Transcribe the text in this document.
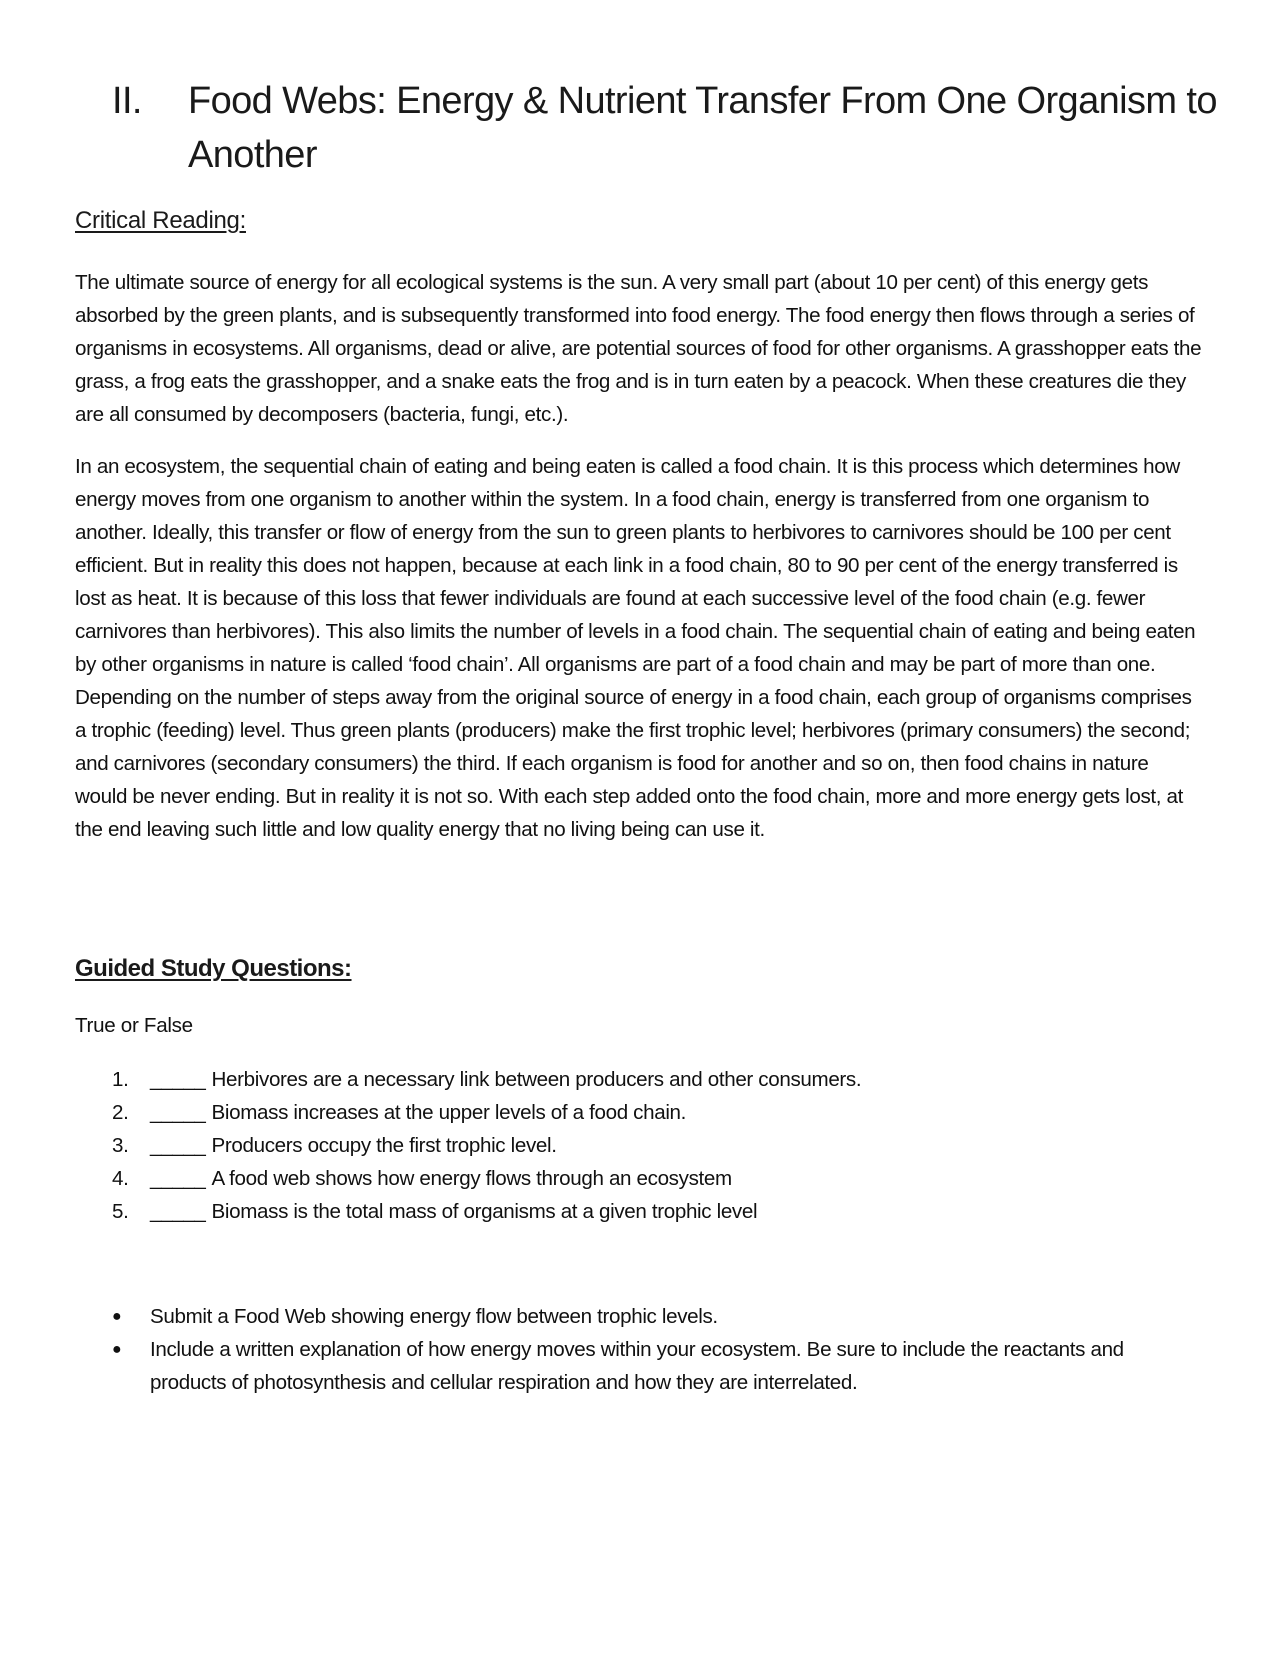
II.	Food Webs: Energy & Nutrient Transfer From One Organism to Another
Critical Reading:

The ultimate source of energy for all ecological systems is the sun. A very small part (about 10 per cent) of this energy gets absorbed by the green plants, and is subsequently transformed into food energy. The food energy then flows through a series of organisms in ecosystems. All organisms, dead or alive, are potential sources of food for other organisms. A grasshopper eats the grass, a frog eats the grasshopper, and a snake eats the frog and is in turn eaten by a peacock. When these creatures die they are all consumed by decomposers (bacteria, fungi, etc.).

In an ecosystem, the sequential chain of eating and being eaten is called a food chain. It is this process which determines how energy moves from one organism to another within the system. In a food chain, energy is transferred from one organism to another. Ideally, this transfer or flow of energy from the sun to green plants to herbivores to carnivores should be 100 per cent efficient. But in reality this does not happen, because at each link in a food chain, 80 to 90 per cent of the energy transferred is lost as heat. It is because of this loss that fewer individuals are found at each successive level of the food chain (e.g. fewer carnivores than herbivores). This also limits the number of levels in a food chain. The sequential chain of eating and being eaten by other organisms in nature is called ‘food chain’. All organisms are part of a food chain and may be part of more than one. Depending on the number of steps away from the original source of energy in a food chain, each group of organisms comprises a trophic (feeding) level. Thus green plants (producers) make the first trophic level; herbivores (primary consumers) the second; and carnivores (secondary consumers) the third. If each organism is food for another and so on, then food chains in nature would be never ending. But in reality it is not so. With each step added onto the food chain, more and more energy gets lost, at the end leaving such little and low quality energy that no living being can use it.

Guided Study Questions:
True or False
1.	_____ Herbivores are a necessary link between producers and other consumers.
2.	_____ Biomass increases at the upper levels of a food chain.
3.	_____ Producers occupy the first trophic level.
4.	_____ A food web shows how energy flows through an ecosystem
5.	_____ Biomass is the total mass of organisms at a given trophic level
●	Submit a Food Web showing energy flow between trophic levels.
●	Include a written explanation of how energy moves within your ecosystem. Be sure to include the reactants and products of photosynthesis and cellular respiration and how they are interrelated.
